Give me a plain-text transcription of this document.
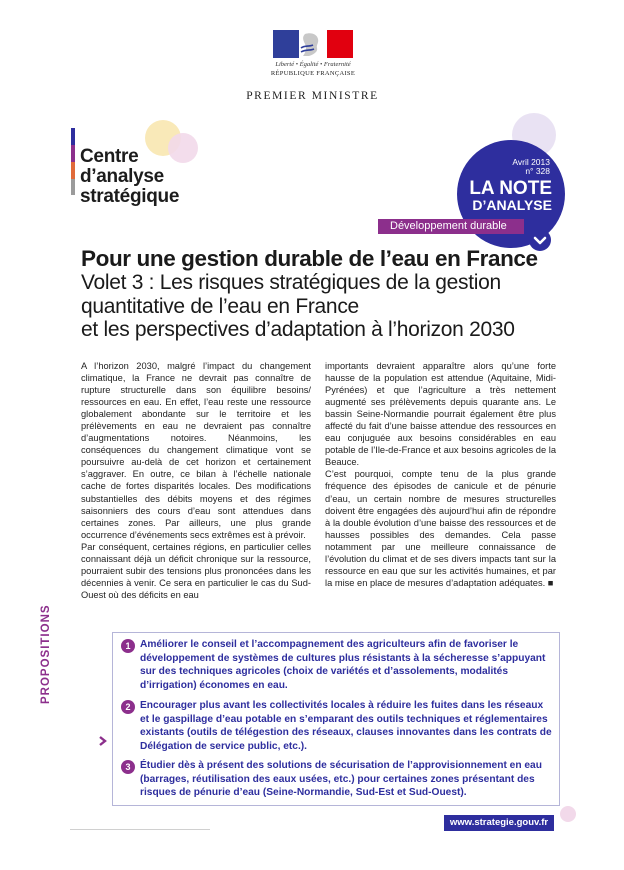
Liberté • Égalité • Fraternité
RÉPUBLIQUE FRANÇAISE
PREMIER MINISTRE
Centre
d’analyse
stratégique
Avril 2013
n° 328
LA NOTE
D’ANALYSE
Développement durable
Pour une gestion durable de l’eau en France
Volet 3 : Les risques stratégiques de la gestion
quantitative de l’eau en France
et les perspectives d’adaptation à l’horizon 2030

A l’horizon 2030, malgré l’impact du changement climatique, la France ne devrait pas connaître de rupture structurelle dans son équilibre besoins/ ressources en eau. En effet, l’eau reste une ressource globalement abondante sur le territoire et les prélèvements en eau ne devraient pas connaître d’augmentations notoires. Néanmoins, les conséquences du changement climatique vont se poursuivre au-delà de cet horizon et certainement s’aggraver. En outre, ce bilan à l’échelle nationale cache de fortes disparités locales. Des modifications substantielles des débits moyens et des régimes saisonniers des cours d’eau sont attendues dans certaines zones. Par ailleurs, une plus grande occurrence d’événements secs extrêmes est à prévoir.

Par conséquent, certaines régions, en particulier celles connaissant déjà un déficit chronique sur la ressource, pourraient subir des tensions plus prononcées dans les décennies à venir. Ce sera en particulier le cas du Sud-Ouest où des déficits en eau

importants devraient apparaître alors qu’une forte hausse de la population est attendue (Aquitaine, Midi-Pyrénées) et que l’agriculture a très nettement augmenté ses prélèvements depuis quarante ans. Le bassin Seine-Normandie pourrait également être plus affecté du fait d’une baisse attendue des ressources en eau conjuguée aux besoins considérables en eau potable de l’Ile-de-France et aux besoins agricoles de la Beauce.

C’est pourquoi, compte tenu de la plus grande fréquence des épisodes de canicule et de pénurie d’eau, un certain nombre de mesures structurelles doivent être engagées dès aujourd’hui afin de répondre à la double évolution d’une baisse des ressources et de hausses possibles des demandes. Cela passe notamment par une meilleure connaissance de l’évolution du climat et de ses divers impacts tant sur la ressource en eau que sur les activités humaines, et par la mise en place de mesures d’adaptation adéquates. ■

PROPOSITIONS	1 Améliorer le conseil et l’accompagnement des agriculteurs afin de favoriser le développement de systèmes de cultures plus résistants à la sécheresse s’appuyant sur des techniques agricoles (choix de variétés et d’assolements, modalités d’irrigation) économes en eau.
2 Encourager plus avant les collectivités locales à réduire les fuites dans les réseaux et le gaspillage d’eau potable en s’emparant des outils techniques et réglementaires existants (outils de télégestion des réseaux, clauses innovantes dans les contrats de Délégation de service public, etc.).
3 Étudier dès à présent des solutions de sécurisation de l’approvisionnement en eau (barrages, réutilisation des eaux usées, etc.) pour certaines zones présentant des risques de pénurie d’eau (Seine-Normandie, Sud-Est et Sud-Ouest).
www.strategie.gouv.fr
